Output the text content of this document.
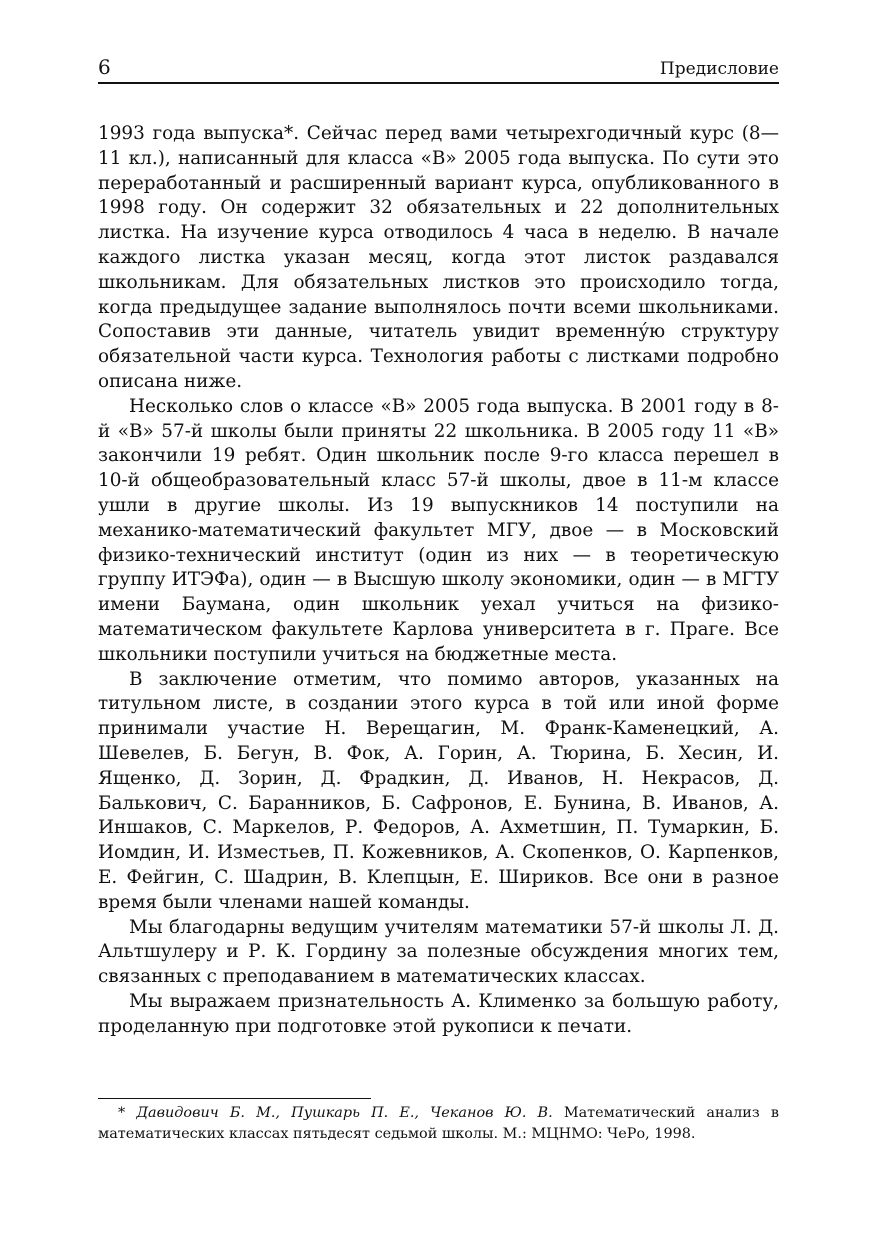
6	Предисловие

1993 года выпуска*. Сейчас перед вами четырехгодичный курс (8—11 кл.), написанный для класса «В» 2005 года выпуска. По сути это переработанный и расширенный вариант курса, опубликованного в 1998 году. Он содержит 32 обязательных и 22 дополнительных листка. На изучение курса отводилось 4 часа в неделю. В начале каждого листка указан месяц, когда этот листок раздавался школьникам. Для обязательных листков это происходило тогда, когда предыдущее задание выполнялось почти всеми школьниками. Сопоставив эти данные, читатель увидит временну́ю структуру обязательной части курса. Технология работы с листками подробно описана ниже.

Несколько слов о классе «В» 2005 года выпуска. В 2001 году в 8-й «В» 57-й школы были приняты 22 школьника. В 2005 году 11 «В» закончили 19 ребят. Один школьник после 9-го класса перешел в 10-й общеобразовательный класс 57-й школы, двое в 11-м классе ушли в другие школы. Из 19 выпускников 14 поступили на механико-математический факультет МГУ, двое — в Московский физико-технический институт (один из них — в теоретическую группу ИТЭФа), один — в Высшую школу экономики, один — в МГТУ имени Баумана, один школьник уехал учиться на физико-математическом факультете Карлова университета в г. Праге. Все школьники поступили учиться на бюджетные места.

В заключение отметим, что помимо авторов, указанных на титульном листе, в создании этого курса в той или иной форме принимали участие Н. Верещагин, М. Франк-Каменецкий, А. Шевелев, Б. Бегун, В. Фок, А. Горин, А. Тюрина, Б. Хесин, И. Ященко, Д. Зорин, Д. Фрадкин, Д. Иванов, Н. Некрасов, Д. Балькович, С. Баранников, Б. Сафронов, Е. Бунина, В. Иванов, А. Иншаков, С. Маркелов, Р. Федоров, А. Ахметшин, П. Тумаркин, Б. Иомдин, И. Изместьев, П. Кожевников, А. Скопенков, О. Карпенков, Е. Фейгин, С. Шадрин, В. Клепцын, Е. Шириков. Все они в разное время были членами нашей команды.

Мы благодарны ведущим учителям математики 57-й школы Л. Д. Альтшулеру и Р. К. Гордину за полезные обсуждения многих тем, связанных с преподаванием в математических классах.

Мы выражаем признательность А. Клименко за большую работу, проделанную при подготовке этой рукописи к печати.

* Давидович Б. М., Пушкарь П. Е., Чеканов Ю. В. Математический анализ в математических классах пятьдесят седьмой школы. М.: МЦНМО: ЧеРо, 1998.
